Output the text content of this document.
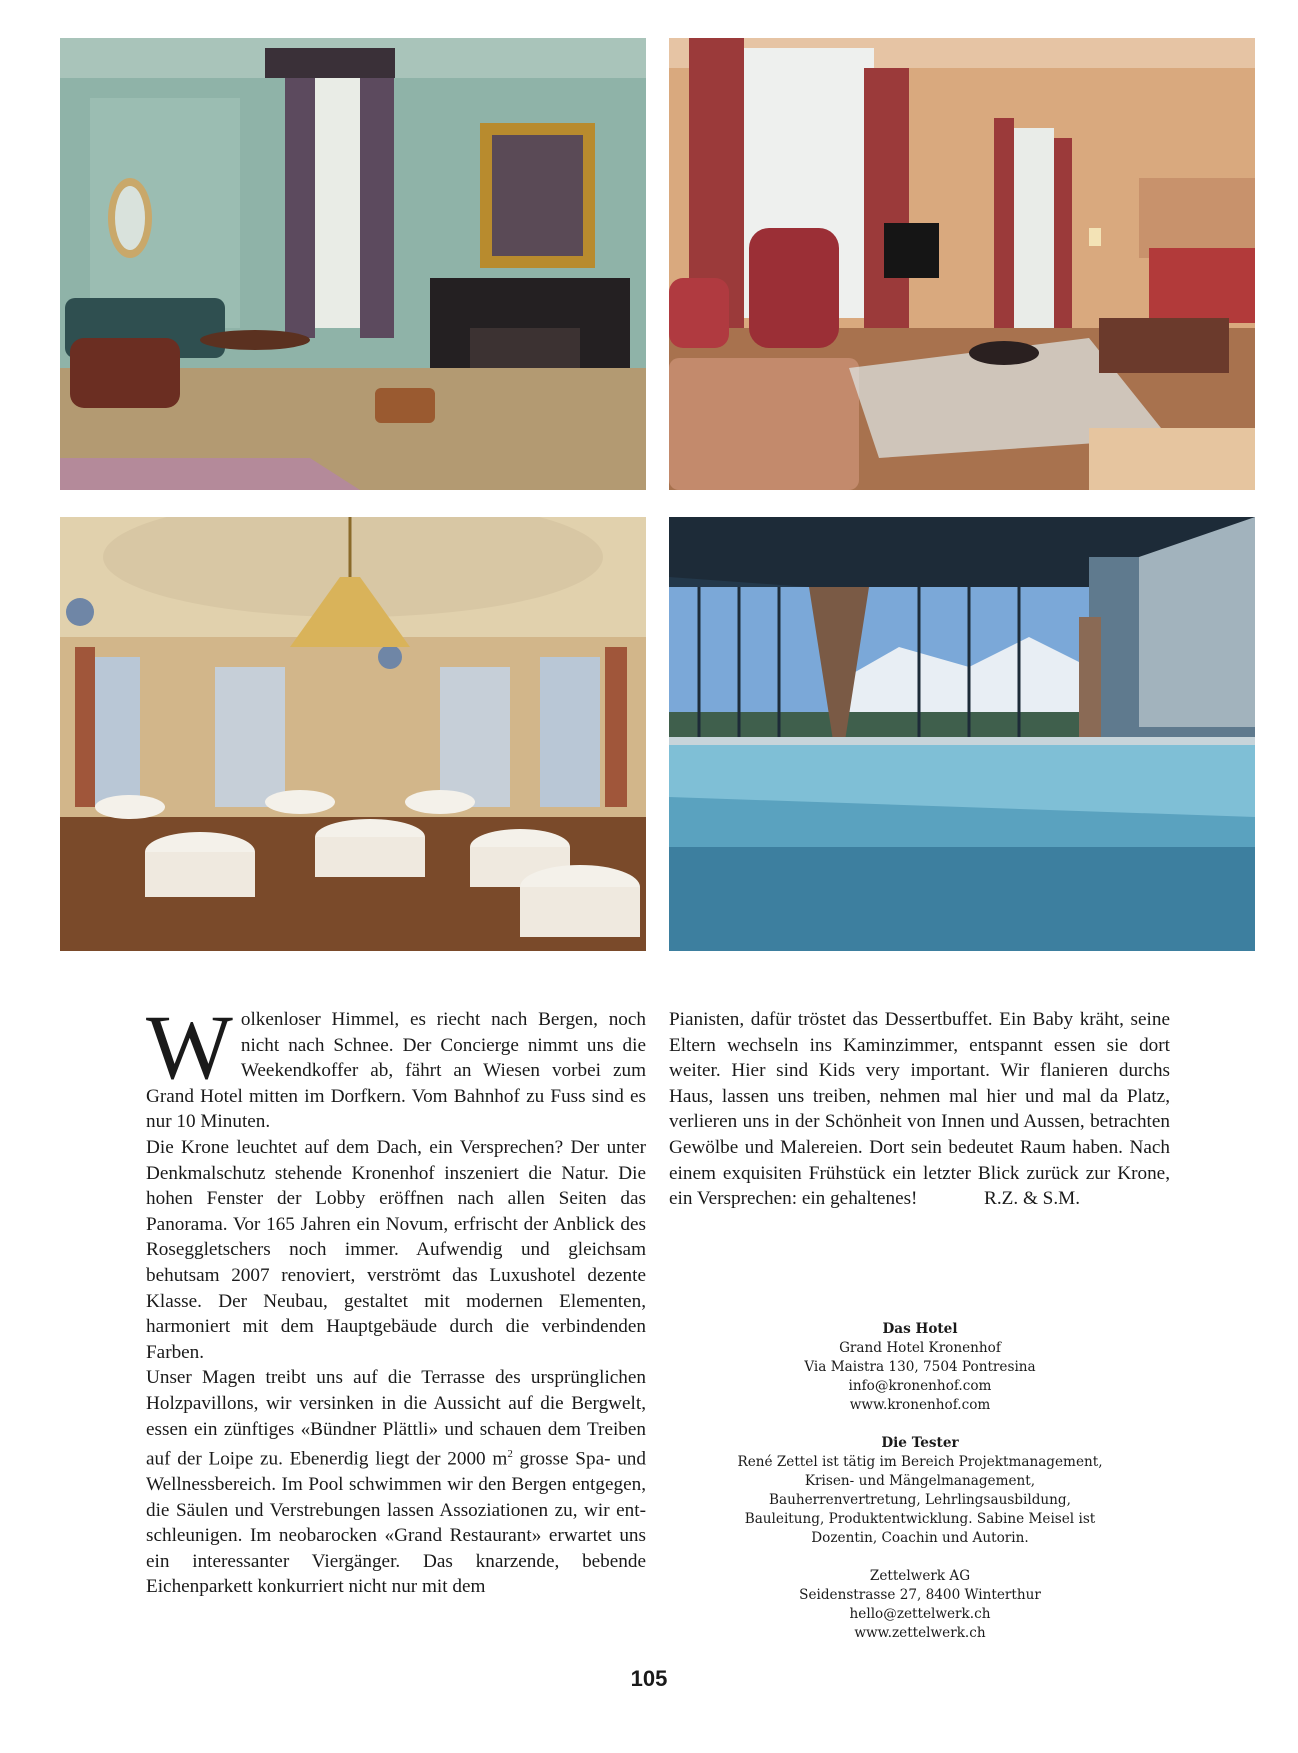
Wolkenloser Himmel, es riecht nach Bergen, noch nicht nach Schnee. Der Concierge nimmt uns die Weekendkoffer ab, fährt an Wiesen vorbei zum Grand Hotel mitten im Dorfkern. Vom Bahnhof zu Fuss sind es nur 10 Minuten.

Die Krone leuchtet auf dem Dach, ein Versprechen? Der unter Denkmalschutz stehende Kronenhof inszeniert die Natur. Die hohen Fenster der Lobby eröffnen nach allen Seiten das Panorama. Vor 165 Jahren ein Novum, erfrischt der Anblick des Roseggletschers noch immer. Aufwendig und gleichsam behutsam 2007 renoviert, verströmt das Luxushotel dezente Klasse. Der Neubau, gestaltet mit modernen Elementen, harmoniert mit dem Hauptgebäude durch die verbindenden Farben.

Unser Magen treibt uns auf die Terrasse des ursprünglichen Holzpavillons, wir versinken in die Aussicht auf die Bergwelt, essen ein zünftiges «Bündner Plättli» und schauen dem Treiben auf der Loipe zu. Ebenerdig liegt der 2000 $m^2$ grosse Spa- und Wellnessbereich. Im Pool schwimmen wir den Bergen entgegen, die Säulen und Verstrebungen lassen Assoziationen zu, wir entschleunigen. Im neobarocken «Grand Restaurant» erwartet uns ein interessanter Viergänger. Das knarzende, bebende Eichenparkett konkurriert nicht nur mit dem

Pianisten, dafür tröstet das Dessertbuffet. Ein Baby kräht, seine Eltern wechseln ins Kaminzimmer, entspannt essen sie dort weiter. Hier sind Kids very important. Wir flanieren durchs Haus, lassen uns treiben, nehmen mal hier und mal da Platz, verlieren uns in der Schönheit von Innen und Aussen, betrachten Gewölbe und Malereien. Dort sein bedeutet Raum haben. Nach einem exquisiten Frühstück ein letzter Blick zurück zur Krone, ein Versprechen: ein gehaltenes!	R.Z. & S.M.

Das Hotel
Grand Hotel Kronenhof
Via Maistra 130, 7504 Pontresina
info@kronenhof.com
www.kronenhof.com
Die Tester
René Zettel ist tätig im Bereich Projektmanagement, Krisen- und Mängelmanagement, Bauherrenvertretung, Lehrlingsausbildung, Bauleitung, Produktentwicklung. Sabine Meisel ist Dozentin, Coachin und Autorin.
Zettelwerk AG
Seidenstrasse 27, 8400 Winterthur
hello@zettelwerk.ch
www.zettelwerk.ch
105
